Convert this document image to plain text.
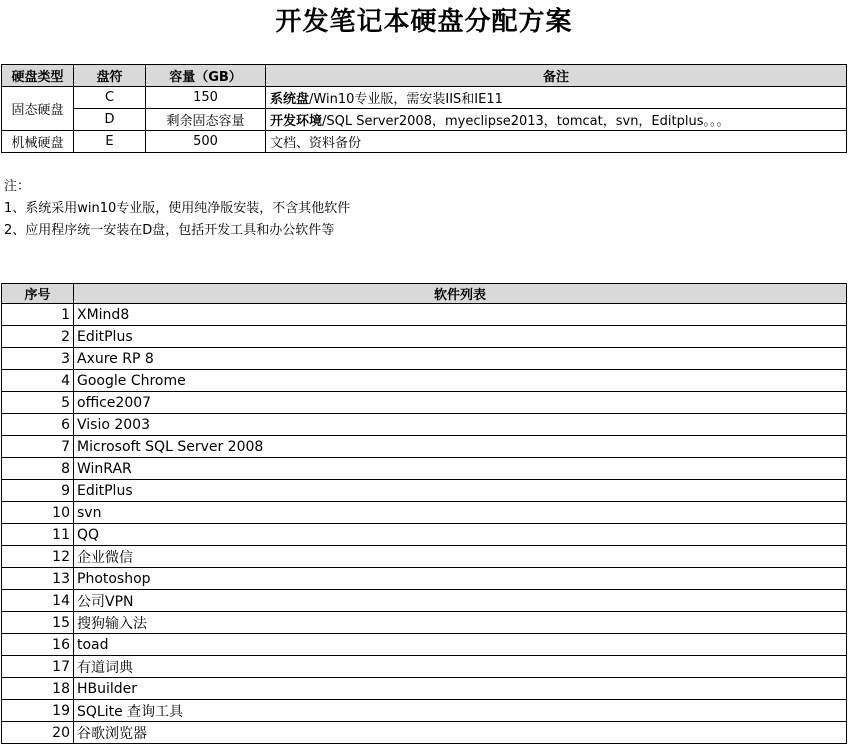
开发笔记本硬盘分配方案
硬盘类型	盘符	容量（GB）	备注
固态硬盘	C	150	系统盘/Win10专业版，需安装IIS和IE11
	D	剩余固态容量	开发环境/SQL Server2008，myeclipse2013，tomcat，svn，Editplus。。。
机械硬盘	E	500	文档、资料备份
注：
1、系统采用win10专业版，使用纯净版安装，不含其他软件
2、应用程序统一安装在D盘，包括开发工具和办公软件等
序号	软件列表
1	XMind8
2	EditPlus
3	Axure RP 8
4	Google Chrome
5	office2007
6	Visio 2003
7	Microsoft SQL Server 2008
8	WinRAR
9	EditPlus
10	svn
11	QQ
12	企业微信
13	Photoshop
14	公司VPN
15	搜狗输入法
16	toad
17	有道词典
18	HBuilder
19	SQLite 查询工具
20	谷歌浏览器
